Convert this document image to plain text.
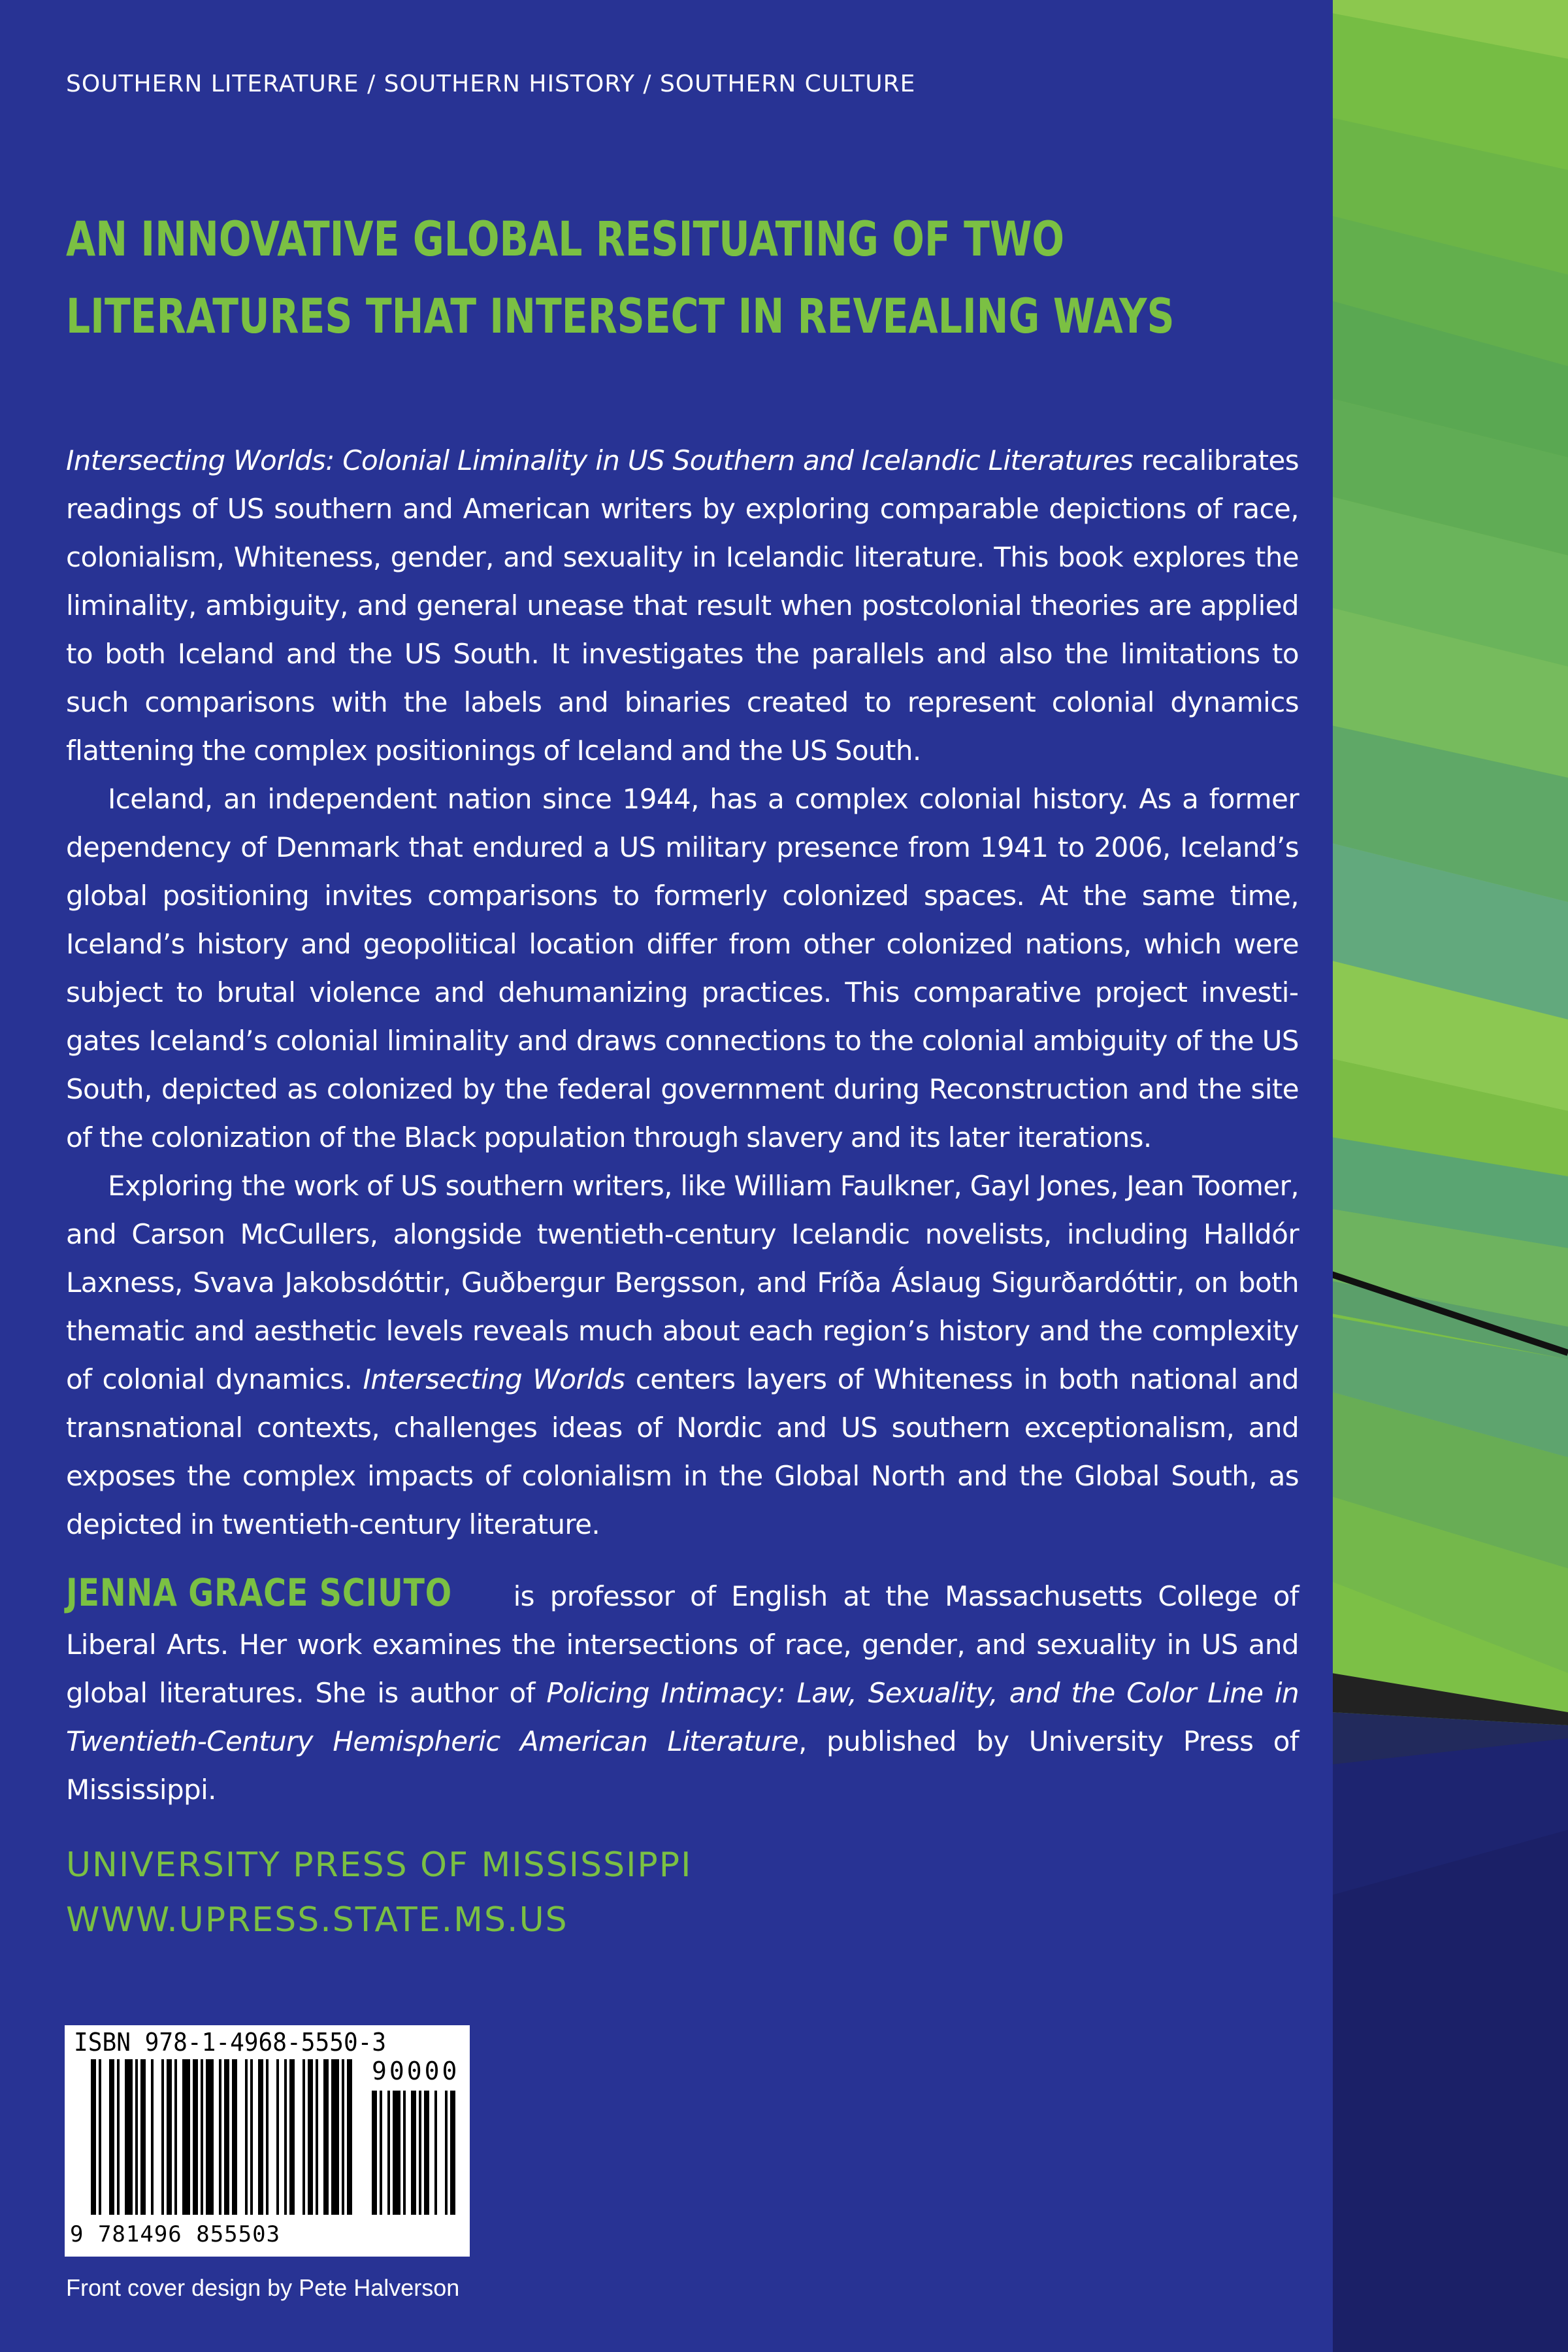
SOUTHERN LITERATURE / SOUTHERN HISTORY / SOUTHERN CULTURE
AN INNOVATIVE GLOBAL RESITUATING OF TWO
LITERATURES THAT INTERSECT IN REVEALING WAYS

Intersecting Worlds: Colonial Liminality in US Southern and Icelandic Literatures recalibrates readings of US southern and American writers by exploring comparable depictions of race, colonialism, Whiteness, gender, and sexuality in Icelandic literature. This book explores the liminality, ambiguity, and general unease that result when postcolonial theories are applied to both Iceland and the US South. It investigates the parallels and also the limitations to such comparisons with the labels and binaries created to represent colonial dynamics flattening the complex positionings of Iceland and the US South.

Iceland, an independent nation since 1944, has a complex colonial history. As a former dependency of Denmark that endured a US military presence from 1941 to 2006, Iceland’s global positioning invites comparisons to formerly colonized spaces. At the same time, Iceland’s history and geopolitical location differ from other colonized nations, which were subject to brutal violence and dehumanizing practices. This comparative project investigates Iceland’s colonial liminality and draws connections to the colonial ambiguity of the US South, depicted as colonized by the federal government during Reconstruction and the site of the colonization of the Black population through slavery and its later iterations.

Exploring the work of US southern writers, like William Faulkner, Gayl Jones, Jean Toomer, and Carson McCullers, alongside twentieth-century Icelandic novelists, including Halldór Laxness, Svava Jakobsdóttir, Guðbergur Bergsson, and Fríða Áslaug Sigurðardóttir, on both thematic and aesthetic levels reveals much about each region’s history and the complexity of colonial dynamics. Intersecting Worlds centers layers of Whiteness in both national and transnational contexts, challenges ideas of Nordic and US southern exceptionalism, and exposes the complex impacts of colonialism in the Global North and the Global South, as depicted in twentieth-century literature.

JENNA GRACE SCIUTO is professor of English at the Massachusetts College of Liberal Arts. Her work examines the intersections of race, gender, and sexuality in US and global literatures. She is author of Policing Intimacy: Law, Sexuality, and the Color Line in Twentieth-Century Hemispheric American Literature, published by University Press of Mississippi.
UNIVERSITY PRESS OF MISSISSIPPI
WWW.UPRESS.STATE.MS.US
ISBN 978-1-4968-5550-3
90000
9 781496 855503
Front cover design by Pete Halverson
